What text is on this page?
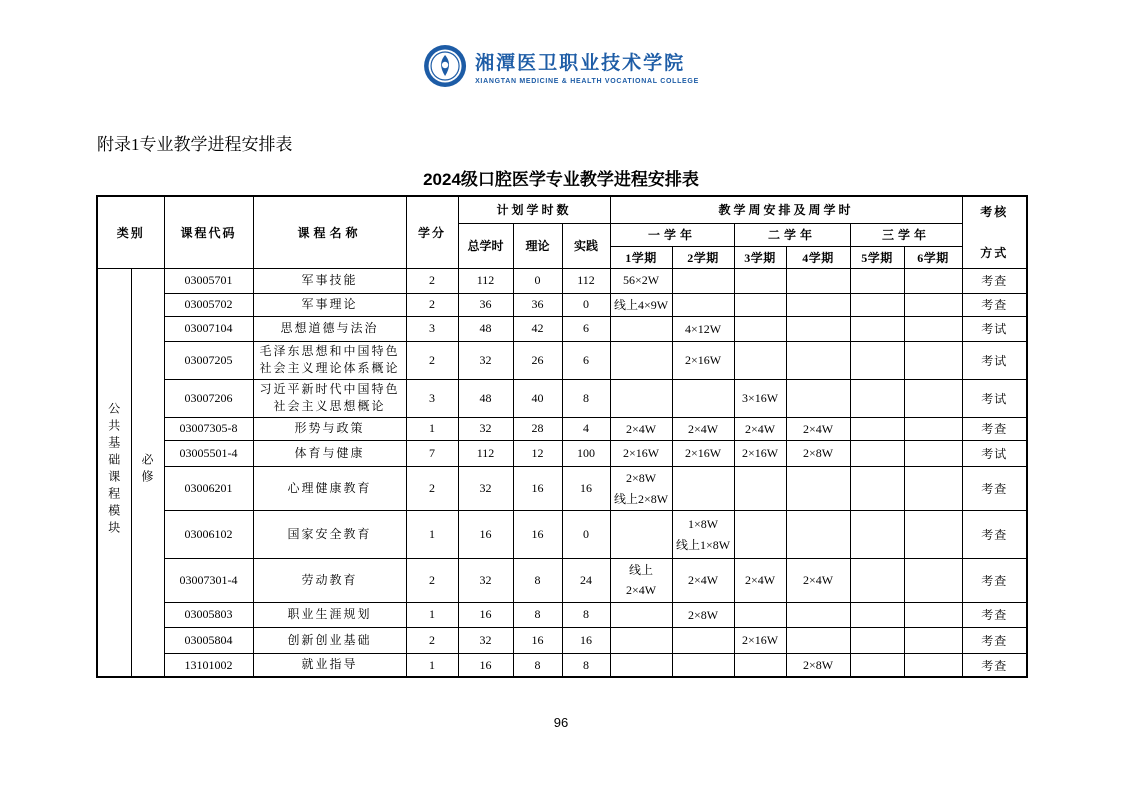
湘潭医卫职业技术学院
XIANGTAN MEDICINE & HEALTH VOCATIONAL COLLEGE
附录1专业教学进程安排表
2024级口腔医学专业教学进程安排表
类别		课程代码	课程名称	学分	计划学时数			教学周安排及周学时						考核
方式

					总学时	理论	实践	一学年		二学年		三学年		
								1学期	2学期	3学期	4学期	5学期	6学期	
公共基础课程模块	必修	03005701	军事技能	2	112	0	112	56×2W						考查
		03005702	军事理论	2	36	36	0	线上4×9W						考查
		03007104	思想道德与法治	3	48	42	6		4×12W					考试
		03007205	毛泽东思想和中国特色社会主义理论体系概论	2	32	26	6		2×16W					考试
		03007206	习近平新时代中国特色社会主义思想概论	3	48	40	8			3×16W				考试
		03007305-8	形势与政策	1	32	28	4	2×4W	2×4W	2×4W	2×4W			考查
		03005501-4	体育与健康	7	112	12	100	2×16W	2×16W	2×16W	2×8W			考试
		03006201	心理健康教育	2	32	16	16	2×8W
线上2×8W						考查
		03006102	国家安全教育	1	16	16	0		1×8W
线上1×8W					考查
		03007301-4	劳动教育	2	32	8	24	线上
2×4W	2×4W	2×4W	2×4W			考查
		03005803	职业生涯规划	1	16	8	8		2×8W					考查
		03005804	创新创业基础	2	32	16	16			2×16W				考查
		13101002	就业指导	1	16	8	8				2×8W			考查
96
